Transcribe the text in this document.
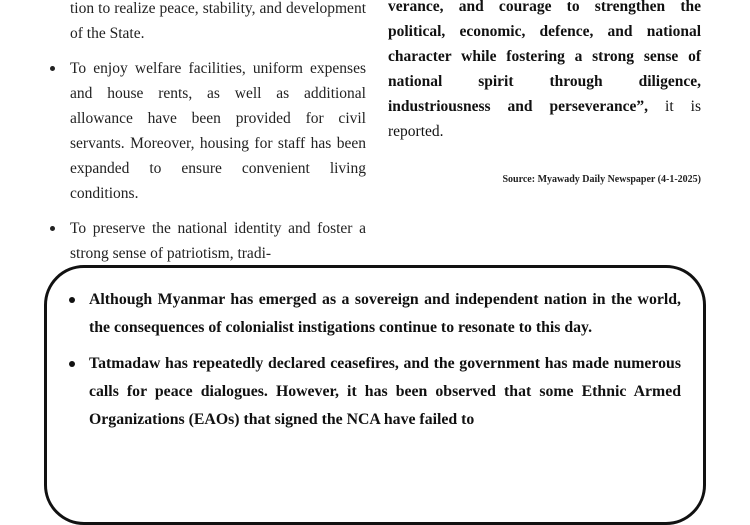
tion to realize peace, stability, and development of the State.
To enjoy welfare facilities, uniform expenses and house rents, as well as additional allowance have been provided for civil servants. Moreover, housing for staff has been expanded to ensure convenient living conditions.
To preserve the national identity and foster a strong sense of patriotism, tradi-
verance, and courage to strengthen the political, economic, defence, and national character while fostering a strong sense of national spirit through diligence, industriousness and perseverance”, it is reported.
Source: Myawady Daily Newspaper (4-1-2025)
Although Myanmar has emerged as a sovereign and independent nation in the world, the consequences of colonialist instigations continue to resonate to this day.
Tatmadaw has repeatedly declared ceasefires, and the government has made numerous calls for peace dialogues. However, it has been observed that some Ethnic Armed Organizations (EAOs) that signed the NCA have failed to
